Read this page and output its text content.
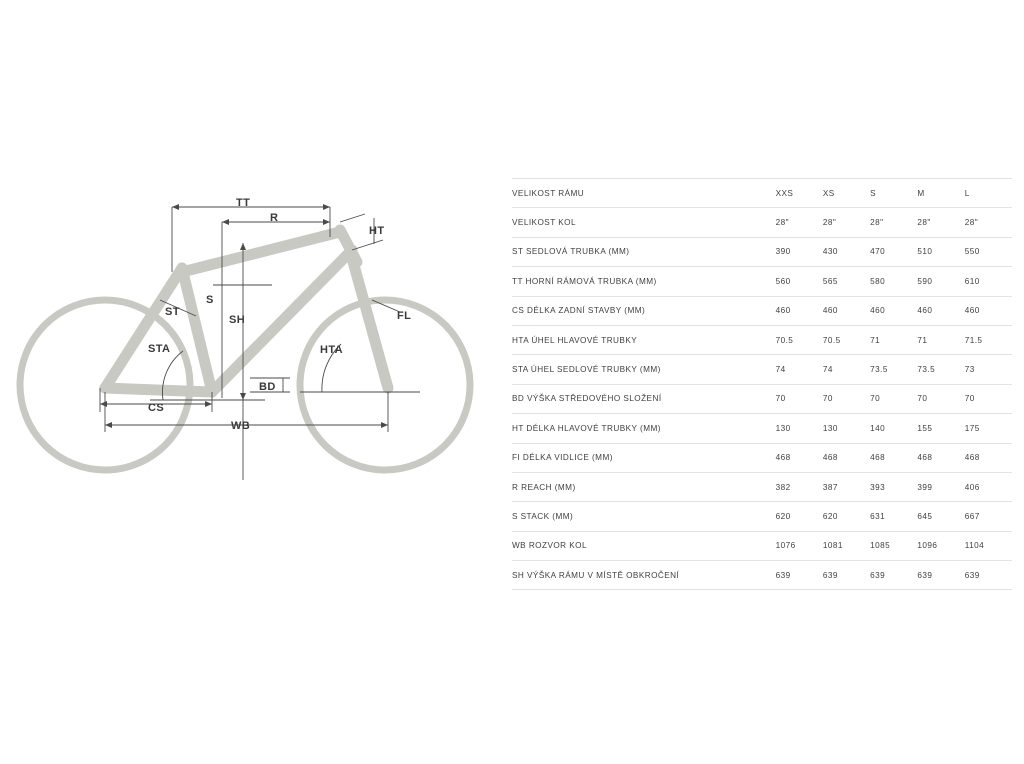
TT
R
HT
ST
S
SH	FL
STA	HTA
BD
CS
WB
VELIKOST RÁMU	XXS	XS	S	M	L
VELIKOST KOL	28"	28"	28"	28"	28"
ST SEDLOVÁ TRUBKA (MM)	390	430	470	510	550
TT HORNÍ RÁMOVÁ TRUBKA (MM)	560	565	580	590	610
CS DÉLKA ZADNÍ STAVBY (MM)	460	460	460	460	460
HTA ÚHEL HLAVOVÉ TRUBKY	70.5	70.5	71	71	71.5
STA ÚHEL SEDLOVÉ TRUBKY (MM)	74	74	73.5	73.5	73
BD VÝŠKA STŘEDOVÉHO SLOŽENÍ	70	70	70	70	70
HT DÉLKA HLAVOVÉ TRUBKY (MM)	130	130	140	155	175
FI DÉLKA VIDLICE (MM)	468	468	468	468	468
R REACH (MM)	382	387	393	399	406
S STACK (MM)	620	620	631	645	667
WB ROZVOR KOL	1076	1081	1085	1096	1104
SH VÝŠKA RÁMU V MÍSTĚ OBKROČENÍ	639	639	639	639	639
